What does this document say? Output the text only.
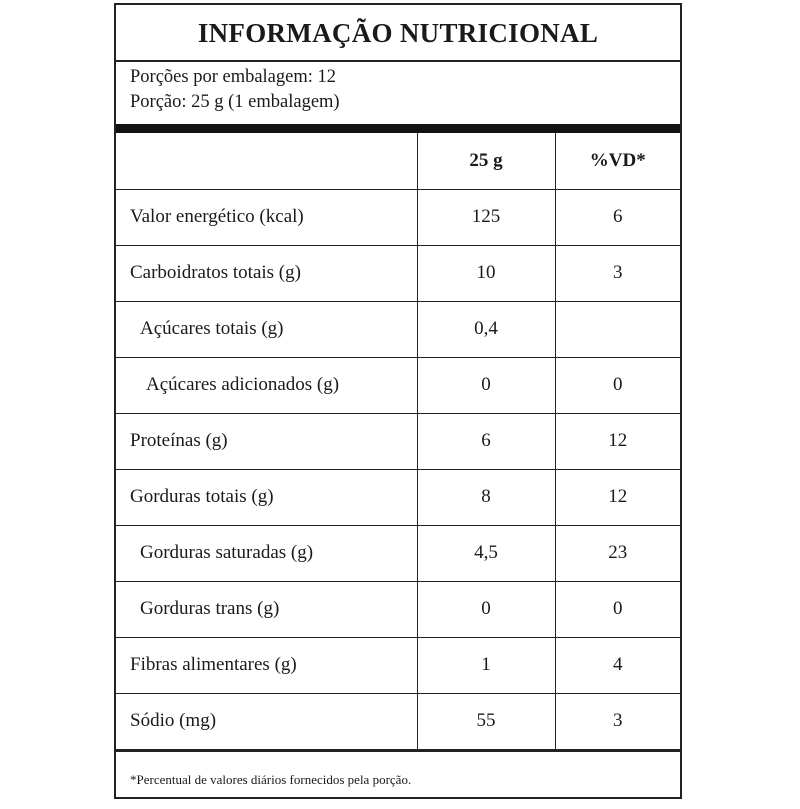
INFORMAÇÃO NUTRICIONAL
Porções por embalagem: 12
Porção: 25 g (1 embalagem)
	25 g	%VD*
Valor energético (kcal)	125	6
Carboidratos totais (g)	10	3
Açúcares totais (g)	0,4	
Açúcares adicionados (g)	0	0
Proteínas (g)	6	12
Gorduras totais (g)	8	12
Gorduras saturadas (g)	4,5	23
Gorduras trans (g)	0	0
Fibras alimentares (g)	1	4
Sódio (mg)	55	3
*Percentual de valores diários fornecidos pela porção.
